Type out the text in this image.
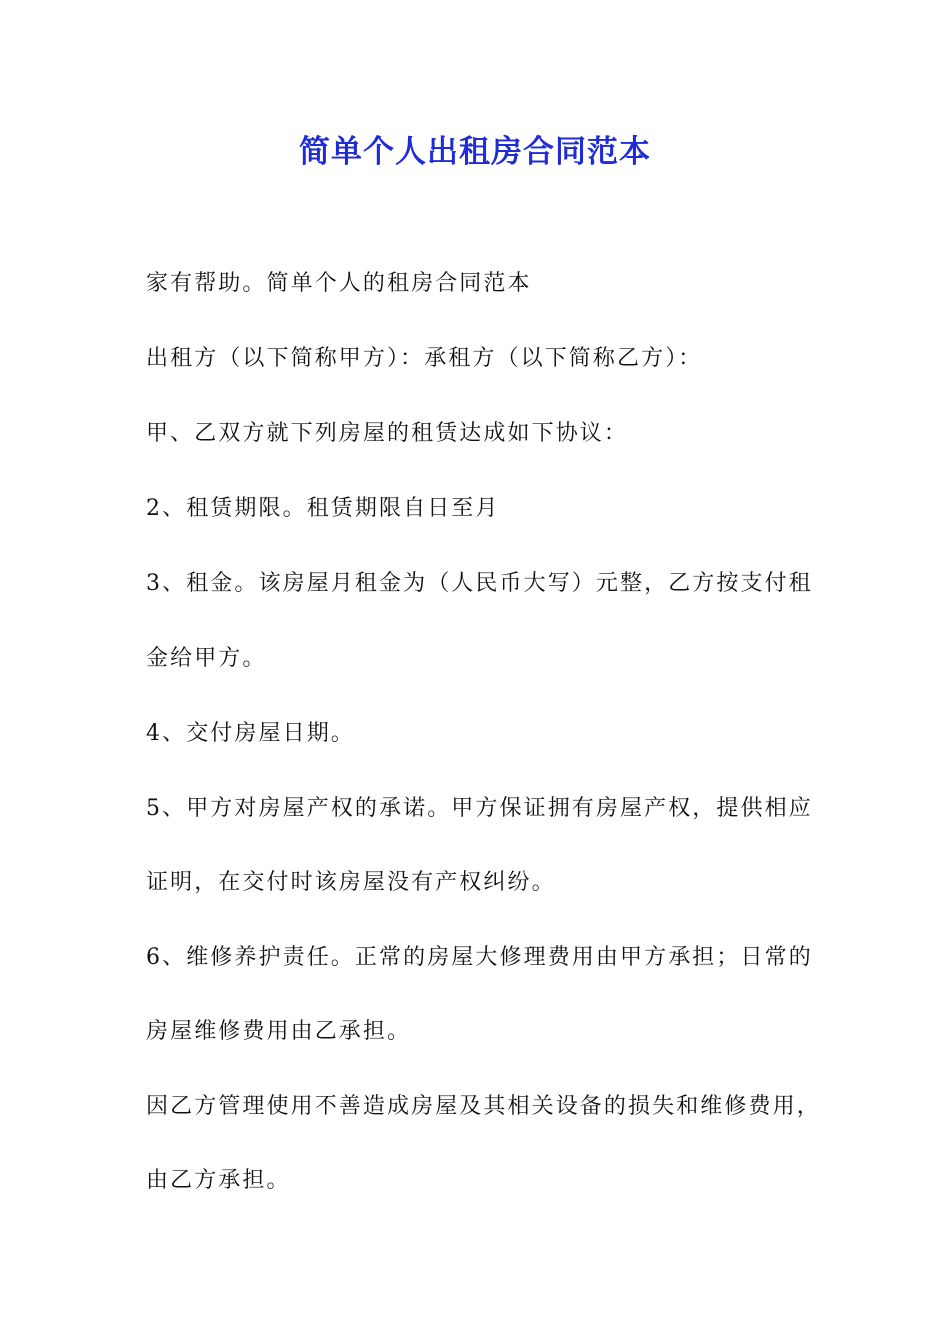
简单个人出租房合同范本
家有帮助。简单个人的租房合同范本
出租方（以下简称甲方）：承租方（以下简称乙方）：
甲、乙双方就下列房屋的租赁达成如下协议：
2、租赁期限。租赁期限自日至月
3、租金。该房屋月租金为（人民币大写）元整，乙方按支付租
金给甲方。
4、交付房屋日期。
5、甲方对房屋产权的承诺。甲方保证拥有房屋产权，提供相应
证明，在交付时该房屋没有产权纠纷。
6、维修养护责任。正常的房屋大修理费用由甲方承担；日常的
房屋维修费用由乙承担。
因乙方管理使用不善造成房屋及其相关设备的损失和维修费用，
由乙方承担。
